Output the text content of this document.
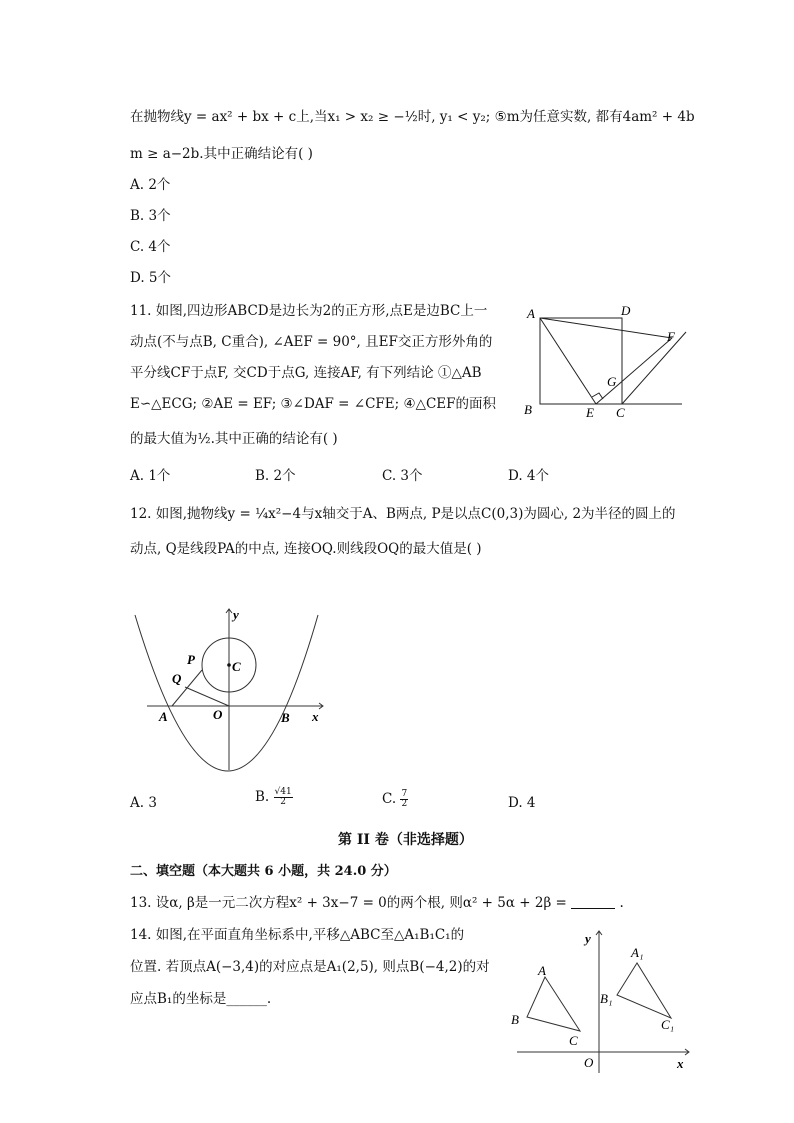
在抛物线y = ax² + bx + c上,当x₁ > x₂ ≥ −½时, y₁ < y₂; ⑤m为任意实数, 都有4am² + 4b
m ≥ a−2b.其中正确结论有( )
A. 2个
B. 3个
C. 4个
D. 5个
11. 如图,四边形ABCD是边长为2的正方形,点E是边BC上一
动点(不与点B, C重合), ∠AEF = 90°, 且EF交正方形外角的
平分线CF于点F, 交CD于点G, 连接AF, 有下列结论 ①△AB
E∽△ECG; ②AE = EF; ③∠DAF = ∠CFE; ④△CEF的面积
的最大值为½.其中正确的结论有( )
A. 1个	B. 2个	C. 3个	D. 4个
A	D
F
G
B	E C
12. 如图,抛物线y = ¼x²−4与x轴交于A、B两点, P是以点C(0,3)为圆心, 2为半径的圆上的
动点, Q是线段PA的中点, 连接OQ.则线段OQ的最大值是( )
y
P	C
Q
A	O	B x
A. 3	B. $\frac{√41}{2}$	C. $\frac{7}{2}$	D. 4
第 II 卷（非选择题）
二、填空题（本大题共 6 小题，共 24.0 分）
13. 设α, β是一元二次方程x² + 3x−7 = 0的两个根, 则α² + 5α + 2β =	.
14. 如图,在平面直角坐标系中,平移△ABC至△A₁B₁C₁的
位置. 若顶点A(−3,4)的对应点是A₁(2,5), 则点B(−4,2)的对
应点B₁的坐标是______.
y
A₁
A
B₁
B	C₁
C
O	x
